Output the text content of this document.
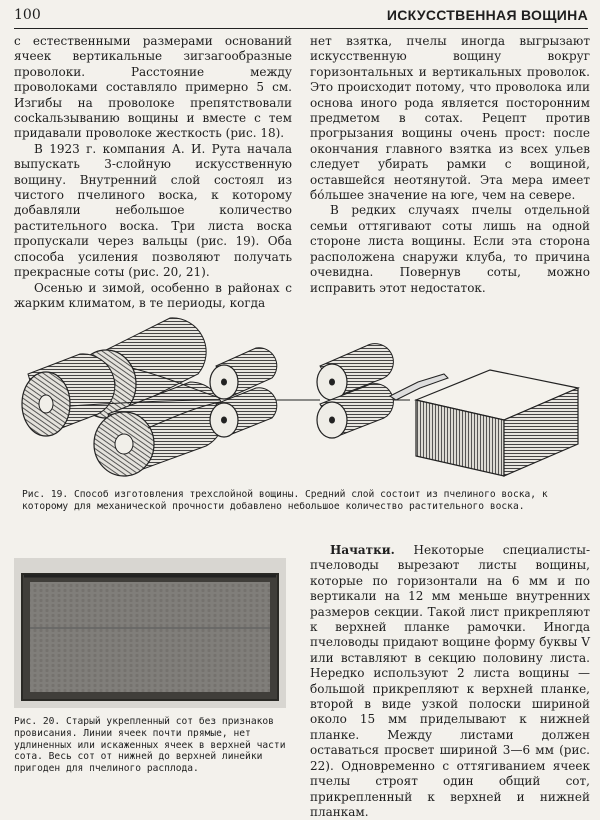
100	ИСКУССТВЕННАЯ ВОЩИНА

с естественными размерами оснований ячеек вертикальные зигзагообразные проволоки. Расстояние между проволоками составляло примерно 5 см. Изгибы на проволоке препятствовали сосkальзыванию вощины и вместе с тем придавали проволоке жесткость (рис. 18).

В 1923 г. компания А. И. Рута начала выпускать 3-слойную искусственную вощину. Внутренний слой состоял из чистого пчелиного воска, к которому добавляли небольшое количество растительного воска. Три листа воска пропускали через вальцы (рис. 19). Оба способа усиления позволяют получать прекрасные соты (рис. 20, 21).

Осенью и зимой, особенно в районах с жарким климатом, в те периоды, когда

нет взятка, пчелы иногда выгрызают искусственную вощину вокруг горизонтальных и вертикальных проволок. Это происходит потому, что проволока или основа иного рода является посторонним предметом в сотах. Рецепт против прогрызания вощины очень прост: после окончания главного взятка из всех ульев следует убирать рамки с вощиной, оставшейся неотянутой. Эта мера имеет бо́льшее значение на юге, чем на севере.

В редких случаях пчелы отдельной семьи оттягивают соты лишь на одной стороне листа вощины. Если эта сторона расположена снаружи клуба, то причина очевидна. Повернув соты, можно исправить этот недостаток.

Рис. 19. Способ изготовления трехслойной вощины. Средний слой состоит из пчелиного воска, к которому для механической прочности добавлено небольшое количество растительного воска.
Рис. 20. Старый укрепленный сот без признаков провисания. Линии ячеек почти прямые, нет удлиненных или искаженных ячеек в верхней части сота. Весь сот от нижней до верхней линейки пригоден для пчелиного расплода.

Начатки. Некоторые специалисты-пчеловоды вырезают листы вощины, которые по горизонтали на 6 мм и по вертикали на 12 мм меньше внутренних размеров секции. Такой лист прикрепляют к верхней планке рамочки. Иногда пчеловоды придают вощине форму буквы V или вставляют в секцию половину листа. Нередко используют 2 листа вощины — большой прикрепляют к верхней планке, второй в виде узкой полоски шириной около 15 мм приделывают к нижней планке. Между листами должен оставаться просвет шириной 3—6 мм (рис. 22). Одновременно с оттягиванием ячеек пчелы строят один общий сот, прикрепленный к верхней и нижней планкам.
